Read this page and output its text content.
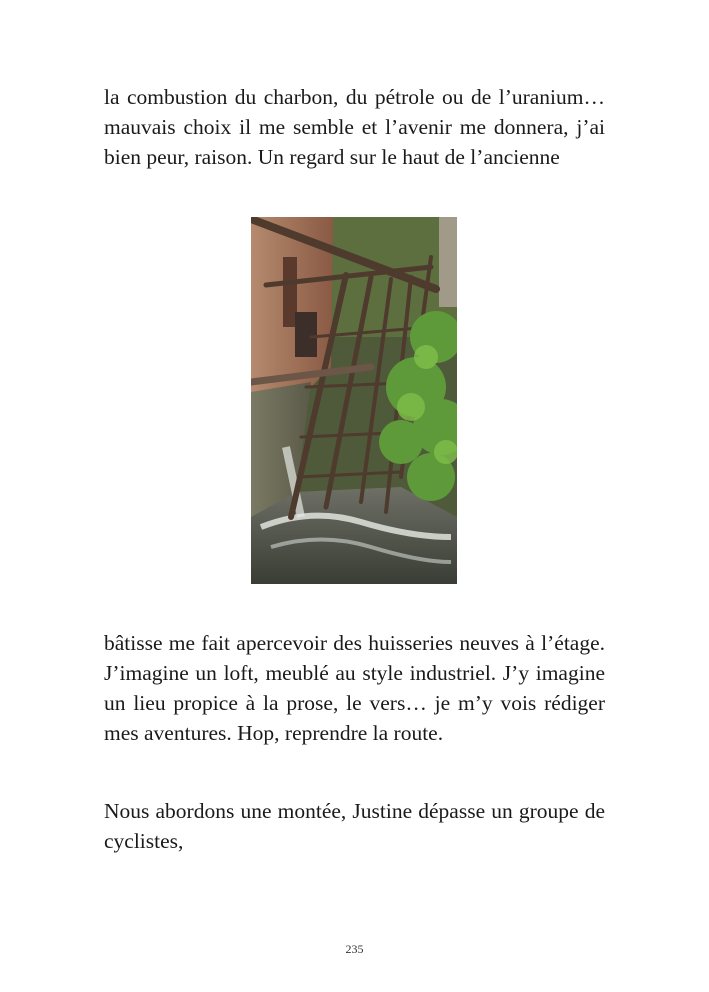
la combustion du charbon, du pétrole ou de l’uranium… mauvais choix il me semble et l’avenir me donnera, j’ai bien peur, raison. Un regard sur le haut de l’ancienne

bâtisse me fait apercevoir des huisseries neuves à l’étage. J’imagine un loft, meublé au style industriel. J’y imagine un lieu propice à la prose, le vers… je m’y vois rédiger mes aventures. Hop, reprendre la route.

Nous abordons une montée, Justine dépasse un groupe de cyclistes,

235
